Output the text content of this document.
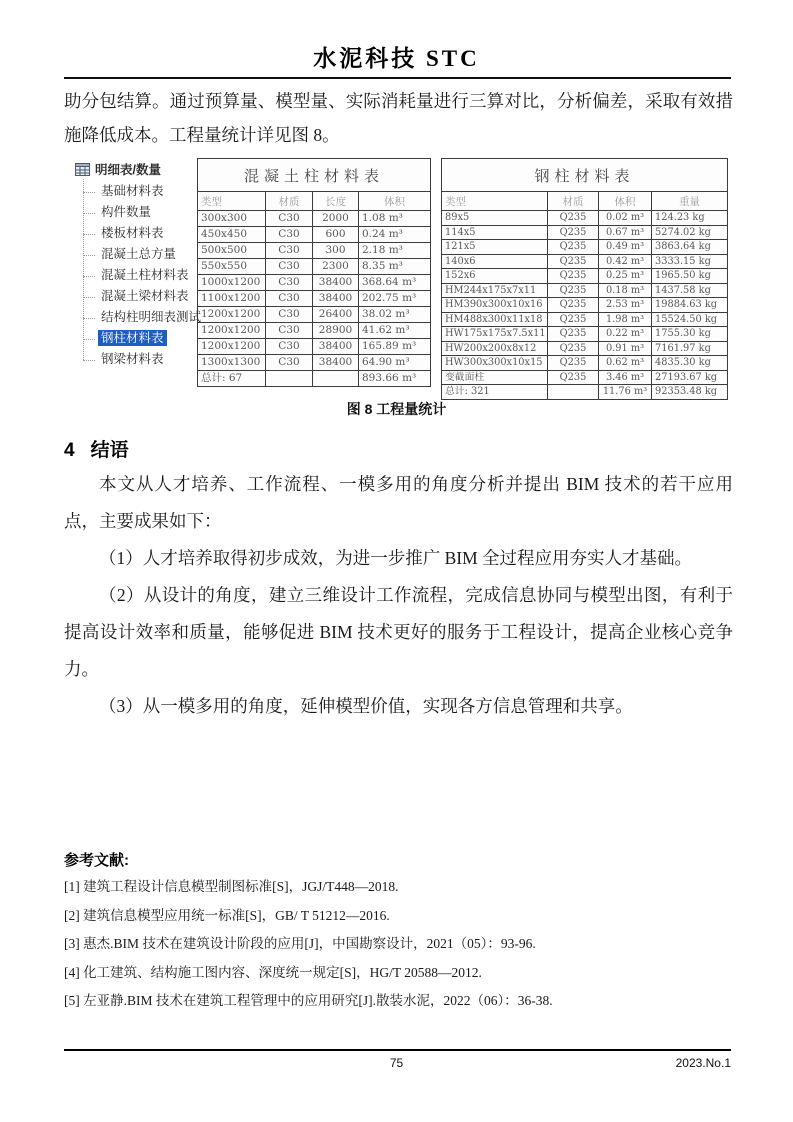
水泥科技 STC

助分包结算。通过预算量、模型量、实际消耗量进行三算对比，分析偏差，采取有效措施降低成本。工程量统计详见图 8。

明细表/数量
基础材料表
构件数量
楼板材料表
混凝土总方量
混凝土柱材料表
混凝土梁材料表
结构柱明细表测试
钢柱材料表
钢梁材料表
混凝土柱材料表			
类型	材质	长度	体积
300x300	C30	2000	1.08 m³
450x450	C30	600	0.24 m³
500x500	C30	300	2.18 m³
550x550	C30	2300	8.35 m³
1000x1200	C30	38400	368.64 m³
1100x1200	C30	38400	202.75 m³
1200x1200	C30	26400	38.02 m³
1200x1200	C30	28900	41.62 m³
1200x1200	C30	38400	165.89 m³
1300x1300	C30	38400	64.90 m³
总计: 67			893.66 m³
钢柱材料表			
类型	材质	体积	重量
89x5	Q235	0.02 m³	124.23 kg
114x5	Q235	0.67 m³	5274.02 kg
121x5	Q235	0.49 m³	3863.64 kg
140x6	Q235	0.42 m³	3333.15 kg
152x6	Q235	0.25 m³	1965.50 kg
HM244x175x7x11	Q235	0.18 m³	1437.58 kg
HM390x300x10x16	Q235	2.53 m³	19884.63 kg
HM488x300x11x18	Q235	1.98 m³	15524.50 kg
HW175x175x7.5x11	Q235	0.22 m³	1755.30 kg
HW200x200x8x12	Q235	0.91 m³	7161.97 kg
HW300x300x10x15	Q235	0.62 m³	4835.30 kg
变截面柱	Q235	3.46 m³	27193.67 kg
总计: 321		11.76 m³	92353.48 kg
图 8 工程量统计
4 结语
本文从人才培养、工作流程、一模多用的角度分析并提出 BIM 技术的若干应用点，主要成果如下：
（1）人才培养取得初步成效，为进一步推广 BIM 全过程应用夯实人才基础。
（2）从设计的角度，建立三维设计工作流程，完成信息协同与模型出图，有利于提高设计效率和质量，能够促进 BIM 技术更好的服务于工程设计，提高企业核心竞争力。
（3）从一模多用的角度，延伸模型价值，实现各方信息管理和共享。
参考文献:
[1] 建筑工程设计信息模型制图标准[S]，JGJ/T448—2018.
[2] 建筑信息模型应用统一标准[S]，GB/ T 51212—2016.
[3] 惠杰.BIM 技术在建筑设计阶段的应用[J]，中国勘察设计，2021（05）：93-96.
[4] 化工建筑、结构施工图内容、深度统一规定[S]，HG/T 20588—2012.
[5] 左亚静.BIM 技术在建筑工程管理中的应用研究[J].散装水泥，2022（06）：36-38.
75	2023.No.1
